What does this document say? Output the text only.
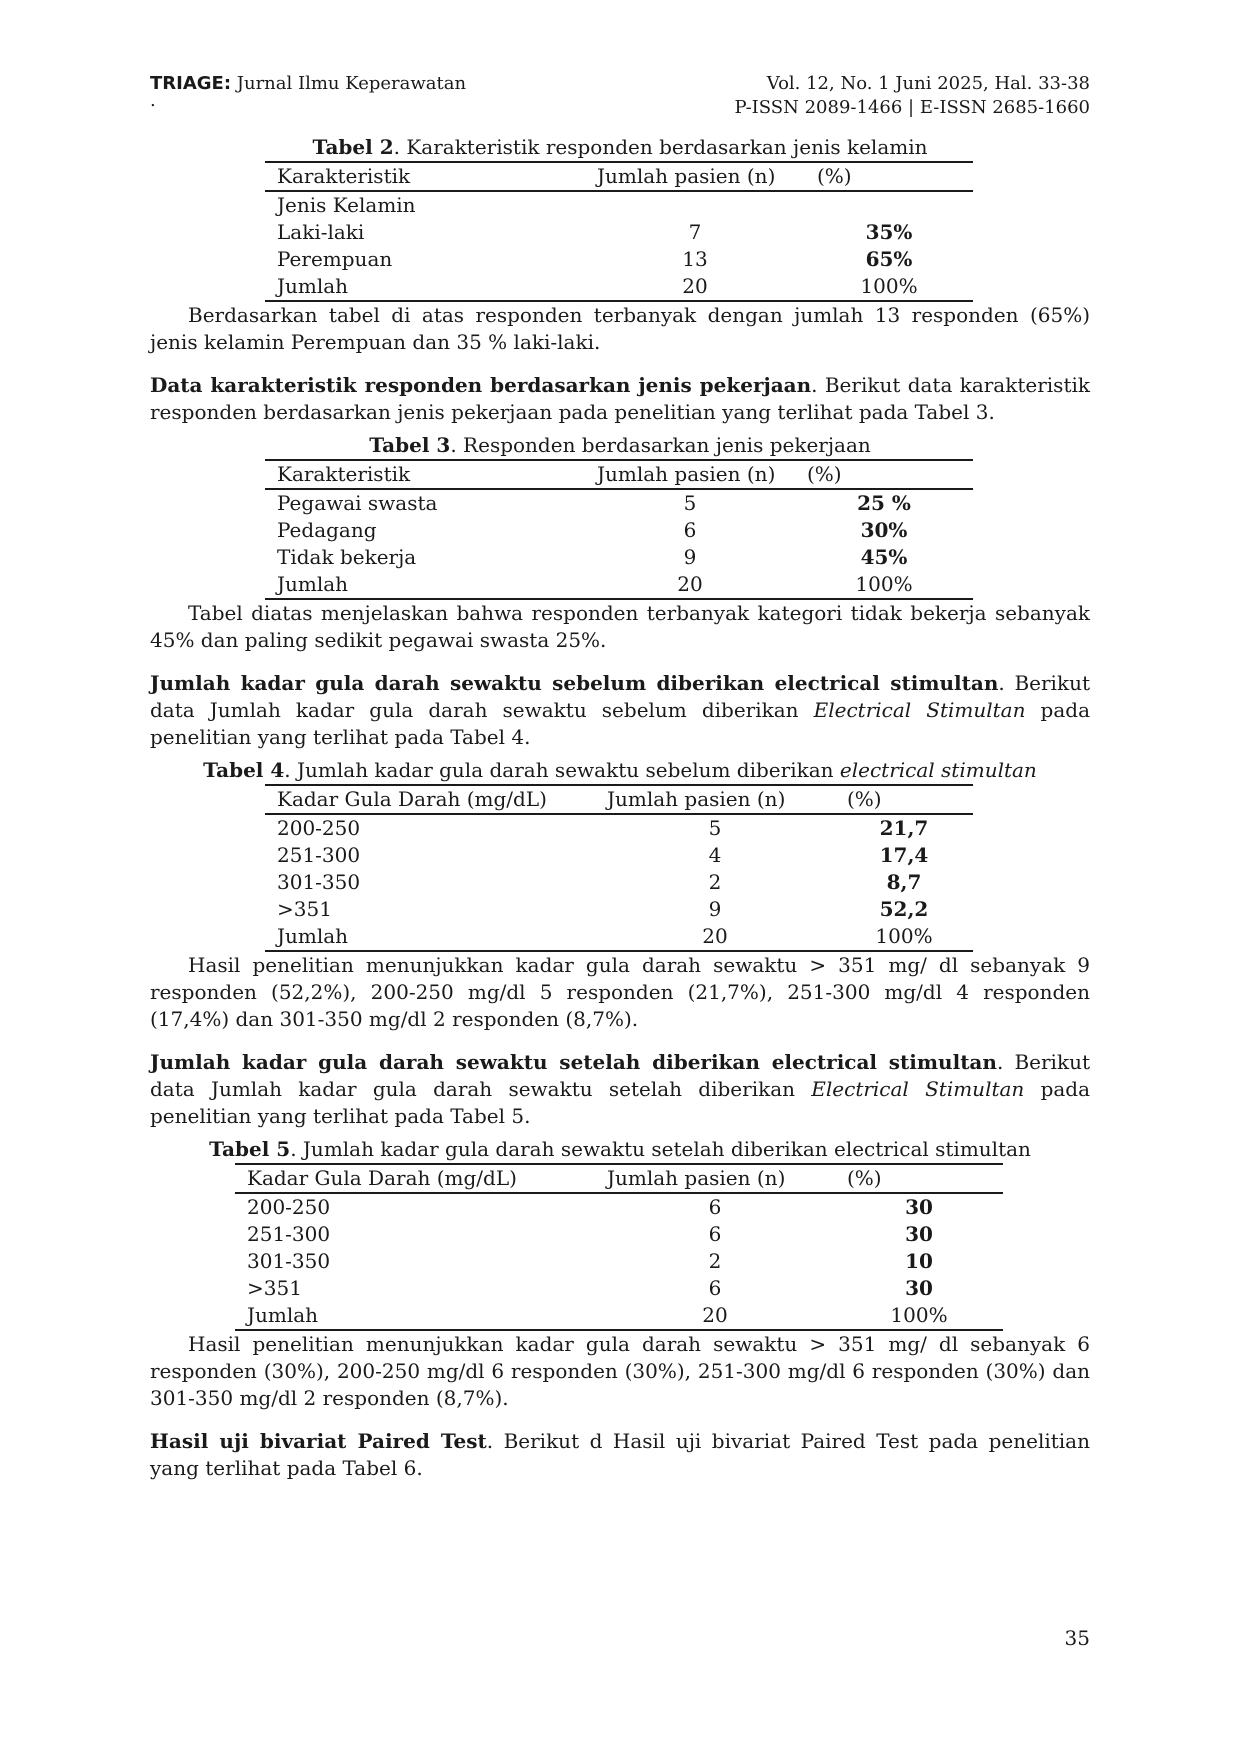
TRIAGE: Jurnal Ilmu Keperawatan
.
Vol. 12, No. 1 Juni 2025, Hal. 33-38
P-ISSN 2089-1466 | E-ISSN 2685-1660

Tabel 2. Karakteristik responden berdasarkan jenis kelamin

Karakteristik	Jumlah pasien (n)	(%)
Jenis Kelamin		
Laki-laki	7	35%
Perempuan	13	65%
Jumlah	20	100%

Berdasarkan tabel di atas responden terbanyak dengan jumlah 13 responden (65%) jenis kelamin Perempuan dan 35 % laki-laki.

Data karakteristik responden berdasarkan jenis pekerjaan. Berikut data karakteristik responden berdasarkan jenis pekerjaan pada penelitian yang terlihat pada Tabel 3.

Tabel 3. Responden berdasarkan jenis pekerjaan

Karakteristik	Jumlah pasien (n)	(%)
Pegawai swasta	5	25 %
Pedagang	6	30%
Tidak bekerja	9	45%
Jumlah	20	100%

Tabel diatas menjelaskan bahwa responden terbanyak kategori tidak bekerja sebanyak 45% dan paling sedikit pegawai swasta 25%.

Jumlah kadar gula darah sewaktu sebelum diberikan electrical stimultan. Berikut data Jumlah kadar gula darah sewaktu sebelum diberikan Electrical Stimultan pada penelitian yang terlihat pada Tabel 4.

Tabel 4. Jumlah kadar gula darah sewaktu sebelum diberikan electrical stimultan

Kadar Gula Darah (mg/dL)	Jumlah pasien (n)	(%)
200-250	5	21,7
251-300	4	17,4
301-350	2	8,7
>351	9	52,2
Jumlah	20	100%

Hasil penelitian menunjukkan kadar gula darah sewaktu > 351 mg/ dl sebanyak 9 responden (52,2%), 200-250 mg/dl 5 responden (21,7%), 251-300 mg/dl 4 responden (17,4%) dan 301-350 mg/dl 2 responden (8,7%).

Jumlah kadar gula darah sewaktu setelah diberikan electrical stimultan. Berikut data Jumlah kadar gula darah sewaktu setelah diberikan Electrical Stimultan pada penelitian yang terlihat pada Tabel 5.

Tabel 5. Jumlah kadar gula darah sewaktu setelah diberikan electrical stimultan

Kadar Gula Darah (mg/dL)	Jumlah pasien (n)	(%)
200-250	6	30
251-300	6	30
301-350	2	10
>351	6	30
Jumlah	20	100%

Hasil penelitian menunjukkan kadar gula darah sewaktu > 351 mg/ dl sebanyak 6 responden (30%), 200-250 mg/dl 6 responden (30%), 251-300 mg/dl 6 responden (30%) dan 301-350 mg/dl 2 responden (8,7%).

Hasil uji bivariat Paired Test. Berikut d Hasil uji bivariat Paired Test pada penelitian yang terlihat pada Tabel 6.

35
